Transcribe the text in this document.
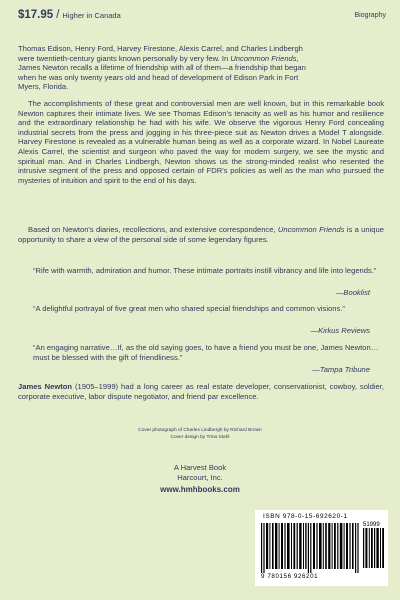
$17.95 / Higher in Canada	Biography
Thomas Edison, Henry Ford, Harvey Firestone, Alexis Carrel, and Charles Lindbergh
were twentieth-century giants known personally by very few. In Uncommon Friends,
James Newton recalls a lifetime of friendship with all of them—a friendship that began
when he was only twenty years old and head of development of Edison Park in Fort
Myers, Florida.
The accomplishments of these great and controversial men are well known, but in this remarkable book Newton captures their intimate lives. We see Thomas Edison's tenacity as well as his humor and resilience and the extraordinary relationship he had with his wife. We observe the vigorous Henry Ford concealing industrial secrets from the press and jogging in his three-piece suit as Newton drives a Model T alongside. Harvey Firestone is revealed as a vulnerable human being as well as a corporate wizard. In Nobel Laureate Alexis Carrel, the scientist and surgeon who paved the way for modern surgery, we see the mystic and spiritual man. And in Charles Lindbergh, Newton shows us the strong-minded realist who resented the intrusive segment of the press and opposed certain of FDR's policies as well as the man who pursued the mysteries of intuition and spirit to the end of his days.
Based on Newton's diaries, recollections, and extensive correspondence, Uncommon Friends is a unique opportunity to share a view of the personal side of some legendary figures.
“Rife with warmth, admiration and humor. These intimate portraits instill vibrancy and life into legends.”
—Booklist
“A delightful portrayal of five great men who shared special friendships and common visions.”
—Kirkus Reviews
“An engaging narrative…If, as the old saying goes, to have a friend you must be one, James Newton…must be blessed with the gift of friendliness.”
—Tampa Tribune
James Newton (1905–1999) had a long career as real estate developer, conservationist, cowboy, soldier, corporate executive, labor dispute negotiator, and friend par excellence.
Cover photograph of Charles Lindbergh by Richard Brown
Cover design by Trina Stahl
A Harvest Book
Harcourt, Inc.
www.hmhbooks.com
ISBN 978-0-15-692620-1
51999
9 780156 926201
